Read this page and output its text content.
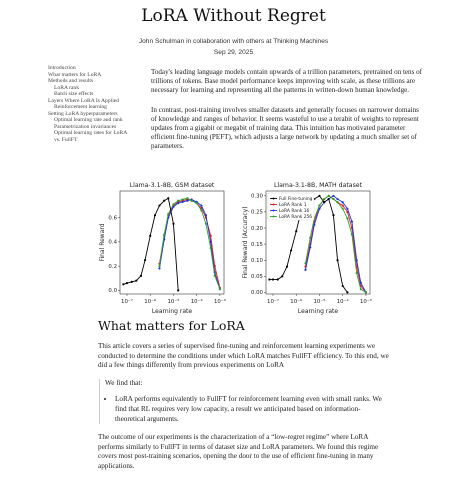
LoRA Without Regret
John Schulman in collaboration with others at Thinking Machines
Sep 29, 2025
Introduction
What matters for LoRA
Methods and results
LoRA rank
Batch size effects
Layers Where LoRA Is Applied
Reinforcement learning
Setting LoRA hyperparameters
Optimal learning rate and rank
Parametrization invariances
Optimal learning rates for LoRA
vs. FullFT

Today's leading language models contain upwards of a trillion parameters, pretrained on tens of trillions of tokens. Base model performance keeps improving with scale, as these trillions are necessary for learning and representing all the patterns in written-down human knowledge.

In contrast, post-training involves smaller datasets and generally focuses on narrower domains of knowledge and ranges of behavior. It seems wasteful to use a terabit of weights to represent updates from a gigabit or megabit of training data. This intuition has motivated parameter efficient fine-tuning (PEFT), which adjusts a large network by updating a much smaller set of parameters.

Llama-3.1-8B, GSM dataset
10⁻⁷ 10⁻⁶ 10⁻⁵ 10⁻⁴ 10⁻³
0.0
0.2
0.4
0.6
Learning rate
Final Reward
Llama-3.1-8B, MATH dataset
10⁻⁷ 10⁻⁶ 10⁻⁵ 10⁻⁴ 10⁻³
0.00
0.05
0.10
0.15
0.20
0.25
0.30
Learning rate
Final Reward (Accuracy)
Full Fine-tuning
LoRA Rank 1
LoRA Rank 16
LoRA Rank 256
What matters for LoRA

This article covers a series of supervised fine-tuning and reinforcement learning experiments we conducted to determine the conditions under which LoRA matches FullFT efficiency. To this end, we did a few things differently from previous experiments on LoRA

We find that:
• LoRA performs equivalently to FullFT for reinforcement learning even with small ranks. We find that RL requires very low capacity, a result we anticipated based on information-theoretical arguments.

The outcome of our experiments is the characterization of a “low-regret regime” where LoRA performs similarly to FullFT in terms of dataset size and LoRA parameters. We found this regime covers most post-training scenarios, opening the door to the use of efficient fine-tuning in many applications.
